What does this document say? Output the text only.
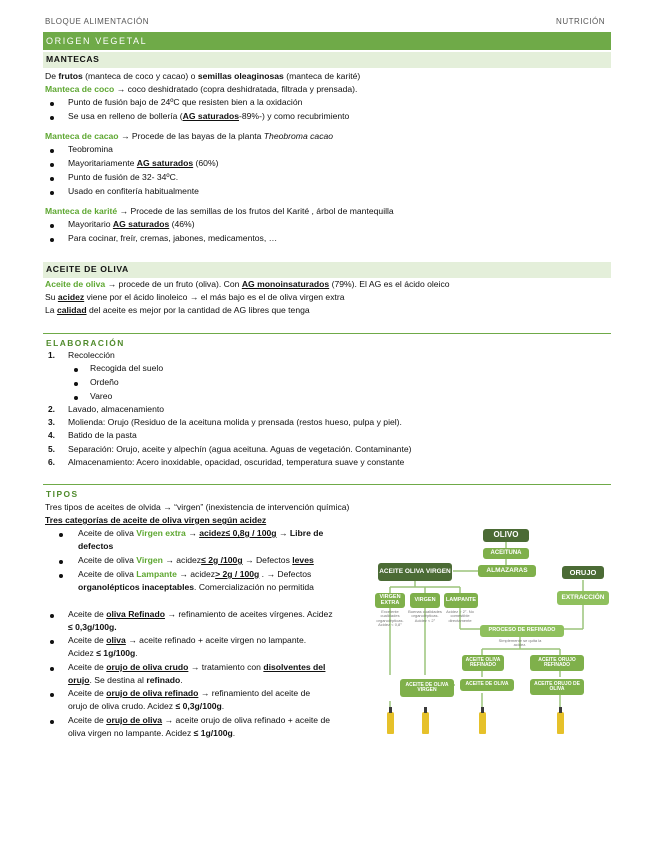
BLOQUE ALIMENTACIÓN	NUTRICIÓN
ORIGEN VEGETAL
MANTECAS
De frutos (manteca de coco y cacao) o semillas oleaginosas (manteca de karité)
Manteca de coco → coco deshidratado (copra deshidratada, filtrada y prensada).
Punto de fusión bajo de 24ºC que resisten bien a la oxidación
Se usa en relleno de bollería (AG saturados-89%-) y como recubrimiento
Manteca de cacao → Procede de las bayas de la planta Theobroma cacao
Teobromina
Mayoritariamente AG saturados (60%)
Punto de fusión de 32- 34ºC.
Usado en confitería habitualmente
Manteca de karité → Procede de las semillas de los frutos del Karité , árbol de mantequilla
Mayoritario AG saturados (46%)
Para cocinar, freír, cremas, jabones, medicamentos, …
ACEITE DE OLIVA
Aceite de oliva → procede de un fruto (oliva). Con AG monoinsaturados (79%). El AG es el ácido oleico
Su acidez viene por el ácido linoleico → el más bajo es el de oliva virgen extra
La calidad del aceite es mejor por la cantidad de AG libres que tenga
ELABORACIÓN
1. Recolección
Recogida del suelo
Ordeño
Vareo
2. Lavado, almacenamiento
3. Molienda: Orujo (Residuo de la aceituna molida y prensada (restos hueso, pulpa y piel).
4. Batido de la pasta
5. Separación: Orujo, aceite y alpechín (agua aceituna. Aguas de vegetación. Contaminante)
6. Almacenamiento: Acero inoxidable, opacidad, oscuridad, temperatura suave y constante
TIPOS
Tres tipos de aceites de olvida → “virgen” (inexistencia de intervención química)
Tres categorías de aceite de oliva virgen según acidez
Aceite de oliva Virgen extra → acidez≤ 0,8g / 100g → Libre de
defectos
Aceite de oliva Virgen → acidez≤ 2g /100g → Defectos leves
Aceite de oliva Lampante → acidez> 2g / 100g . → Defectos
organolépticos inaceptables. Comercialización no permitida
Aceite de oliva Refinado → refinamiento de aceites vírgenes. Acidez
≤ 0,3g/100g.
Aceite de oliva → aceite refinado + aceite virgen no lampante.
Acidez ≤ 1g/100g.
Aceite de orujo de oliva crudo → tratamiento con disolventes del
orujo. Se destina al refinado.
Aceite de orujo de oliva refinado → refinamiento del aceite de
orujo de oliva crudo. Acidez ≤ 0,3g/100g.
Aceite de orujo de oliva → aceite orujo de oliva refinado + aceite de
oliva virgen no lampante. Acidez ≤ 1g/100g.
OLIVO
ACEITUNA
ALMAZARAS	ORUJO
ACEITE OLIVA VIRGEN
EXTRACCIÓN
VIRGEN EXTRA	VIRGEN	LAMPANTE
Excelente cualidades organolépticas. Acidez < 0,8°
Buenas cualidades organolépticas. Acidez < 2°
Acidez > 2°. No comestible directamente
PROCESO DE REFINADO
Simplemente se quita la acidez.
ACEITE OLIVA REFINADO
ACEITE ORUJO REFINADO
ACEITE DE OLIVA VIRGEN
ACEITE DE OLIVA	ACEITE ORUJO DE OLIVA
